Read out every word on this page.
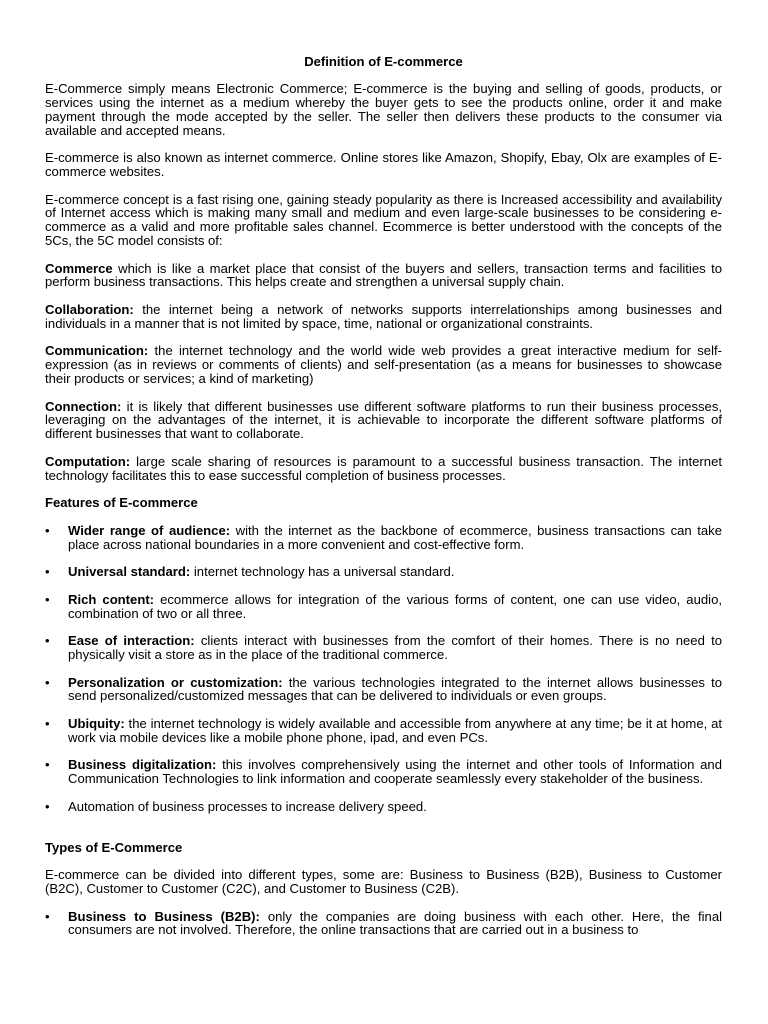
Definition of E-commerce

E-Commerce simply means Electronic Commerce; E-commerce is the buying and selling of goods, products, or services using the internet as a medium whereby the buyer gets to see the products online, order it and make payment through the mode accepted by the seller. The seller then delivers these products to the consumer via available and accepted means.

E-commerce is also known as internet commerce. Online stores like Amazon, Shopify, Ebay, Olx are examples of E-commerce websites.

E-commerce concept is a fast rising one, gaining steady popularity as there is Increased accessibility and availability of Internet access which is making many small and medium and even large-scale businesses to be considering e-commerce as a valid and more profitable sales channel. Ecommerce is better understood with the concepts of the 5Cs, the 5C model consists of:

Commerce which is like a market place that consist of the buyers and sellers, transaction terms and facilities to perform business transactions. This helps create and strengthen a universal supply chain.

Collaboration: the internet being a network of networks supports interrelationships among businesses and individuals in a manner that is not limited by space, time, national or organizational constraints.

Communication: the internet technology and the world wide web provides a great interactive medium for self-expression (as in reviews or comments of clients) and self-presentation (as a means for businesses to showcase their products or services; a kind of marketing)

Connection: it is likely that different businesses use different software platforms to run their business processes, leveraging on the advantages of the internet, it is achievable to incorporate the different software platforms of different businesses that want to collaborate.

Computation: large scale sharing of resources is paramount to a successful business transaction. The internet technology facilitates this to ease successful completion of business processes.

Features of E-commerce
• Wider range of audience: with the internet as the backbone of ecommerce, business transactions can take place across national boundaries in a more convenient and cost-effective form.
• Universal standard: internet technology has a universal standard.
• Rich content: ecommerce allows for integration of the various forms of content, one can use video, audio, combination of two or all three.
• Ease of interaction: clients interact with businesses from the comfort of their homes. There is no need to physically visit a store as in the place of the traditional commerce.
• Personalization or customization: the various technologies integrated to the internet allows businesses to send personalized/customized messages that can be delivered to individuals or even groups.
• Ubiquity: the internet technology is widely available and accessible from anywhere at any time; be it at home, at work via mobile devices like a mobile phone phone, ipad, and even PCs.
• Business digitalization: this involves comprehensively using the internet and other tools of Information and Communication Technologies to link information and cooperate seamlessly every stakeholder of the business.
• Automation of business processes to increase delivery speed.
Types of E-Commerce

E-commerce can be divided into different types, some are: Business to Business (B2B), Business to Customer (B2C), Customer to Customer (C2C), and Customer to Business (C2B).

• Business to Business (B2B): only the companies are doing business with each other. Here, the final consumers are not involved. Therefore, the online transactions that are carried out in a business to
